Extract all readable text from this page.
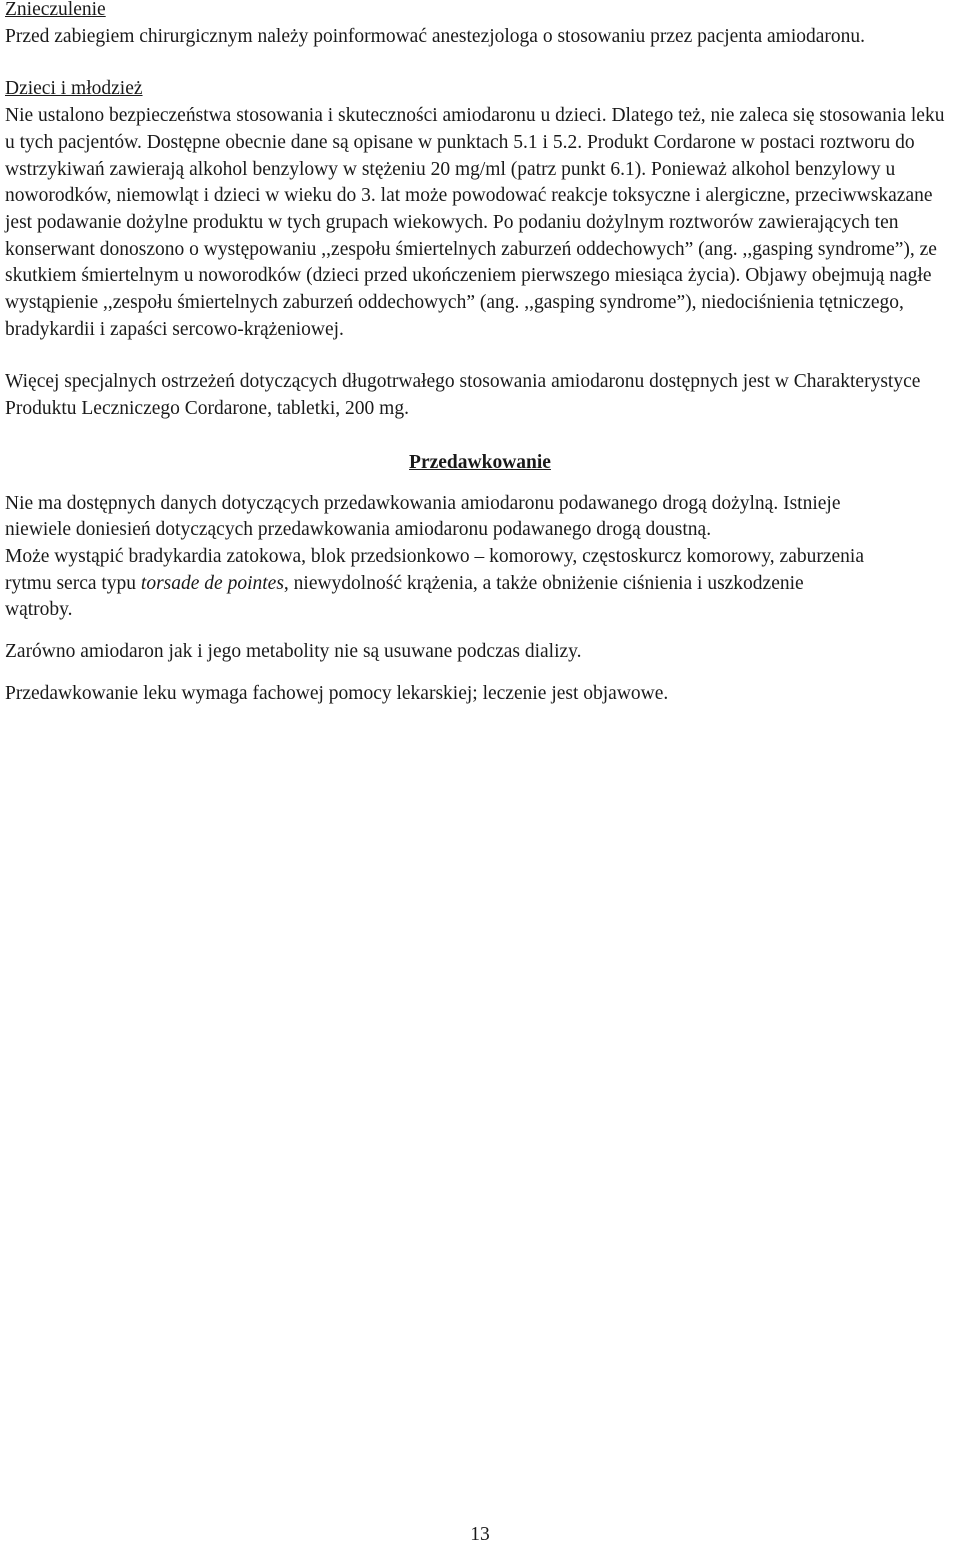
Znieczulenie

Przed zabiegiem chirurgicznym należy poinformować anestezjologa o stosowaniu przez pacjenta amiodaronu.

Dzieci i młodzież

Nie ustalono bezpieczeństwa stosowania i skuteczności amiodaronu u dzieci. Dlatego też, nie zaleca się stosowania leku u tych pacjentów. Dostępne obecnie dane są opisane w punktach 5.1 i 5.2. Produkt Cordarone w postaci roztworu do wstrzykiwań zawierają alkohol benzylowy w stężeniu 20 mg/ml (patrz punkt 6.1). Ponieważ alkohol benzylowy u noworodków, niemowląt i dzieci w wieku do 3. lat może powodować reakcje toksyczne i alergiczne, przeciwwskazane jest podawanie dożylne produktu w tych grupach wiekowych. Po podaniu dożylnym roztworów zawierających ten konserwant donoszono o występowaniu ,,zespołu śmiertelnych zaburzeń oddechowych” (ang. ,,gasping syndrome”), ze skutkiem śmiertelnym u noworodków (dzieci przed ukończeniem pierwszego miesiąca życia). Objawy obejmują nagłe wystąpienie ,,zespołu śmiertelnych zaburzeń oddechowych” (ang. ,,gasping syndrome”), niedociśnienia tętniczego, bradykardii i zapaści sercowo-krążeniowej.

Więcej specjalnych ostrzeżeń dotyczących długotrwałego stosowania amiodaronu dostępnych jest w Charakterystyce Produktu Leczniczego Cordarone, tabletki, 200 mg.

Przedawkowanie

Nie ma dostępnych danych dotyczących przedawkowania amiodaronu podawanego drogą dożylną. Istnieje niewiele doniesień dotyczących przedawkowania amiodaronu podawanego drogą doustną.

Może wystąpić bradykardia zatokowa, blok przedsionkowo – komorowy, częstoskurcz komorowy, zaburzenia rytmu serca typu torsade de pointes, niewydolność krążenia, a także obniżenie ciśnienia i uszkodzenie wątroby.

Zarówno amiodaron jak i jego metabolity nie są usuwane podczas dializy.

Przedawkowanie leku wymaga fachowej pomocy lekarskiej; leczenie jest objawowe.

13
